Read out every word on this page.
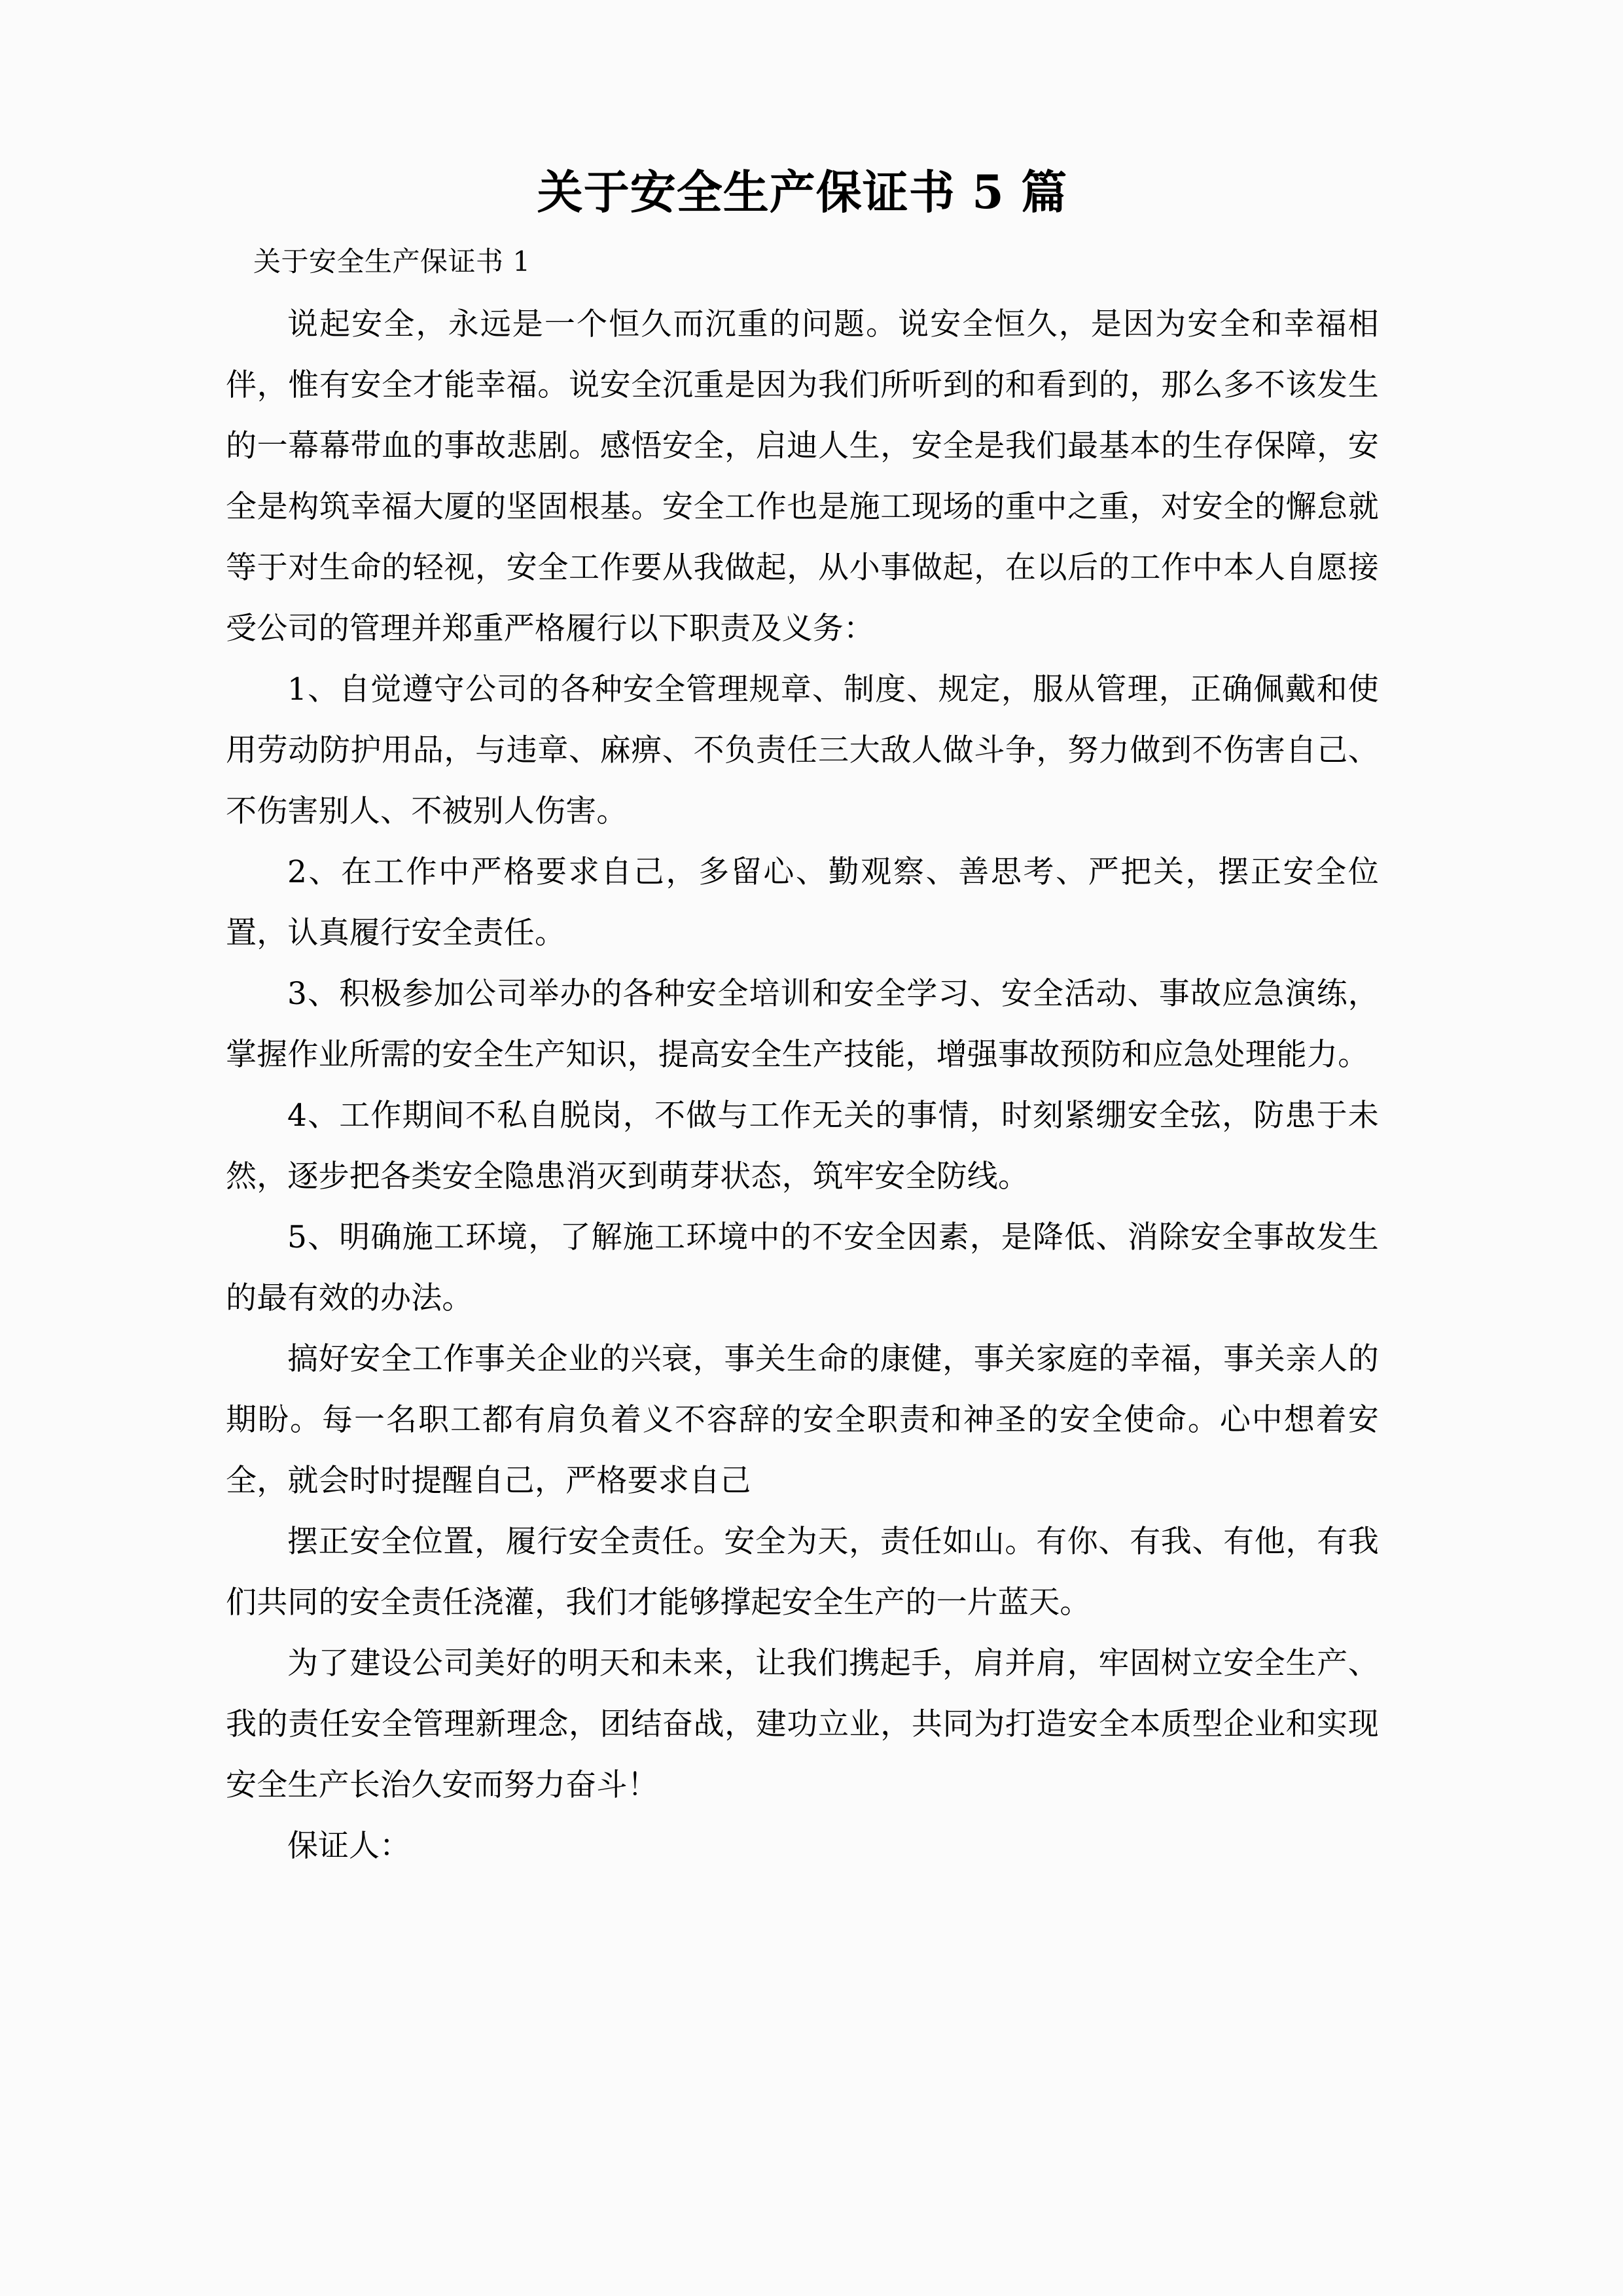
关于安全生产保证书 5 篇

关于安全生产保证书 1

说起安全，永远是一个恒久而沉重的问题。说安全恒久，是因为安全和幸福相伴，惟有安全才能幸福。说安全沉重是因为我们所听到的和看到的，那么多不该发生的一幕幕带血的事故悲剧。感悟安全，启迪人生，安全是我们最基本的生存保障，安全是构筑幸福大厦的坚固根基。安全工作也是施工现场的重中之重，对安全的懈怠就等于对生命的轻视，安全工作要从我做起，从小事做起，在以后的工作中本人自愿接受公司的管理并郑重严格履行以下职责及义务：

1、自觉遵守公司的各种安全管理规章、制度、规定，服从管理，正确佩戴和使用劳动防护用品，与违章、麻痹、不负责任三大敌人做斗争，努力做到不伤害自己、不伤害别人、不被别人伤害。

2、在工作中严格要求自己，多留心、勤观察、善思考、严把关，摆正安全位置，认真履行安全责任。

3、积极参加公司举办的各种安全培训和安全学习、安全活动、事故应急演练，掌握作业所需的安全生产知识，提高安全生产技能，增强事故预防和应急处理能力。

4、工作期间不私自脱岗，不做与工作无关的事情，时刻紧绷安全弦，防患于未然，逐步把各类安全隐患消灭到萌芽状态，筑牢安全防线。

5、明确施工环境，了解施工环境中的不安全因素，是降低、消除安全事故发生的最有效的办法。

搞好安全工作事关企业的兴衰，事关生命的康健，事关家庭的幸福，事关亲人的期盼。每一名职工都有肩负着义不容辞的安全职责和神圣的安全使命。心中想着安全，就会时时提醒自己，严格要求自己

摆正安全位置，履行安全责任。安全为天，责任如山。有你、有我、有他，有我们共同的安全责任浇灌，我们才能够撑起安全生产的一片蓝天。

为了建设公司美好的明天和未来，让我们携起手，肩并肩，牢固树立安全生产、我的责任安全管理新理念，团结奋战，建功立业，共同为打造安全本质型企业和实现安全生产长治久安而努力奋斗！

保证人：
